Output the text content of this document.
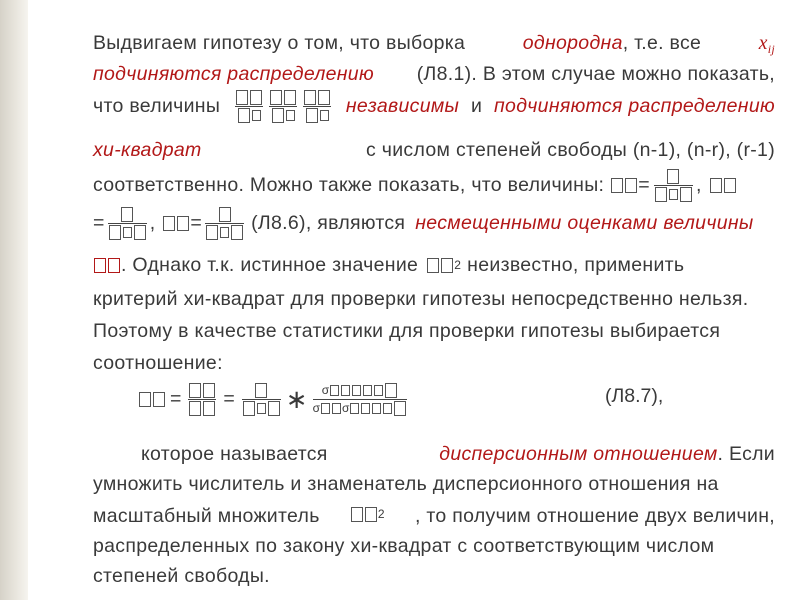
Выдвигаем гипотезу о том, что выборка	однородна, т.е. все	$x_{ij}$
подчиняются распределению (Л8.1). В этом случае можно показать,
что величины	независимы и подчиняются распределению
хи-квадрат	с числом степеней свободы (n-1), (n-r), (r-1)
соответственно. Можно также показать, что величины: = ,
= , =	(Л8.6), являются несмещенными оценками величины
. Однако т.к. истинное значение	2 неизвестно, применить
критерий хи-квадрат для проверки гипотезы непосредственно нельзя.
Поэтому в качестве статистики для проверки гипотезы выбирается
соотношение:
= = ∗ $\frac{\sigma}{\text{σ σ}}$	(Л8.7),
которое называется	дисперсионным отношением. Если
умножить числитель и знаменатель дисперсионного отношения на
масштабный множитель	2 , то получим отношение двух величин,
распределенных по закону хи-квадрат с соответствующим числом
степеней свободы.
